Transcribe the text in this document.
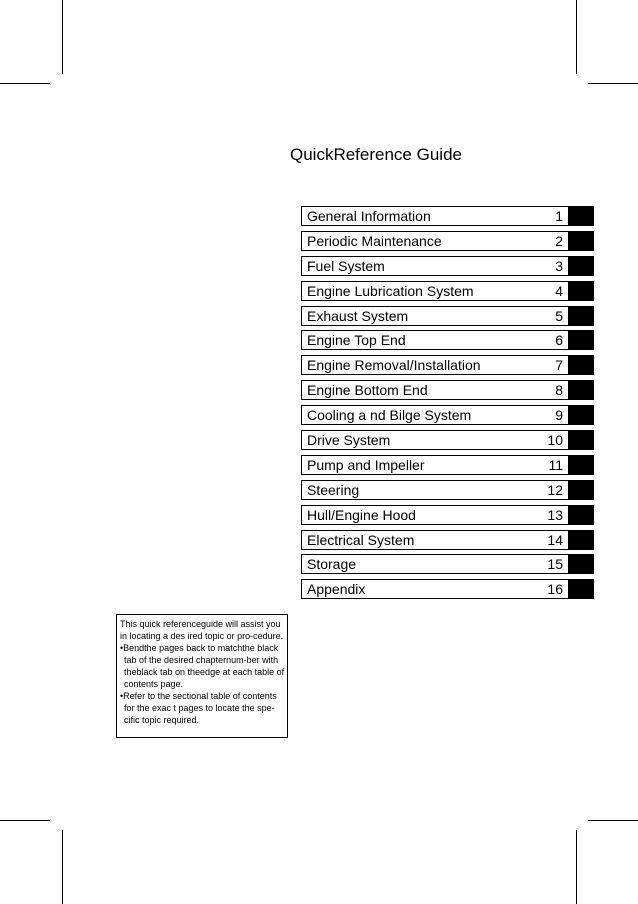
QuickReference Guide
General Information	1
Periodic Maintenance	2
Fuel System	3
Engine Lubrication System	4
Exhaust System	5
Engine Top End	6
Engine Removal/Installation	7
Engine Bottom End	8
Cooling a nd Bilge System	9
Drive System	10
Pump and Impeller	11
Steering	12
Hull/Engine Hood	13
Electrical System	14
Storage	15
Appendix	16

This quick referenceguide will assist you in locating a des ired topic or pro-cedure.

•Bendthe pages back to matchthe black tab of the desired chapternum-ber with theblack tab on theedge at each table of contents page.

•Refer to the sectional table of contents for the exac t pages to locate the spe-cific topic required.
